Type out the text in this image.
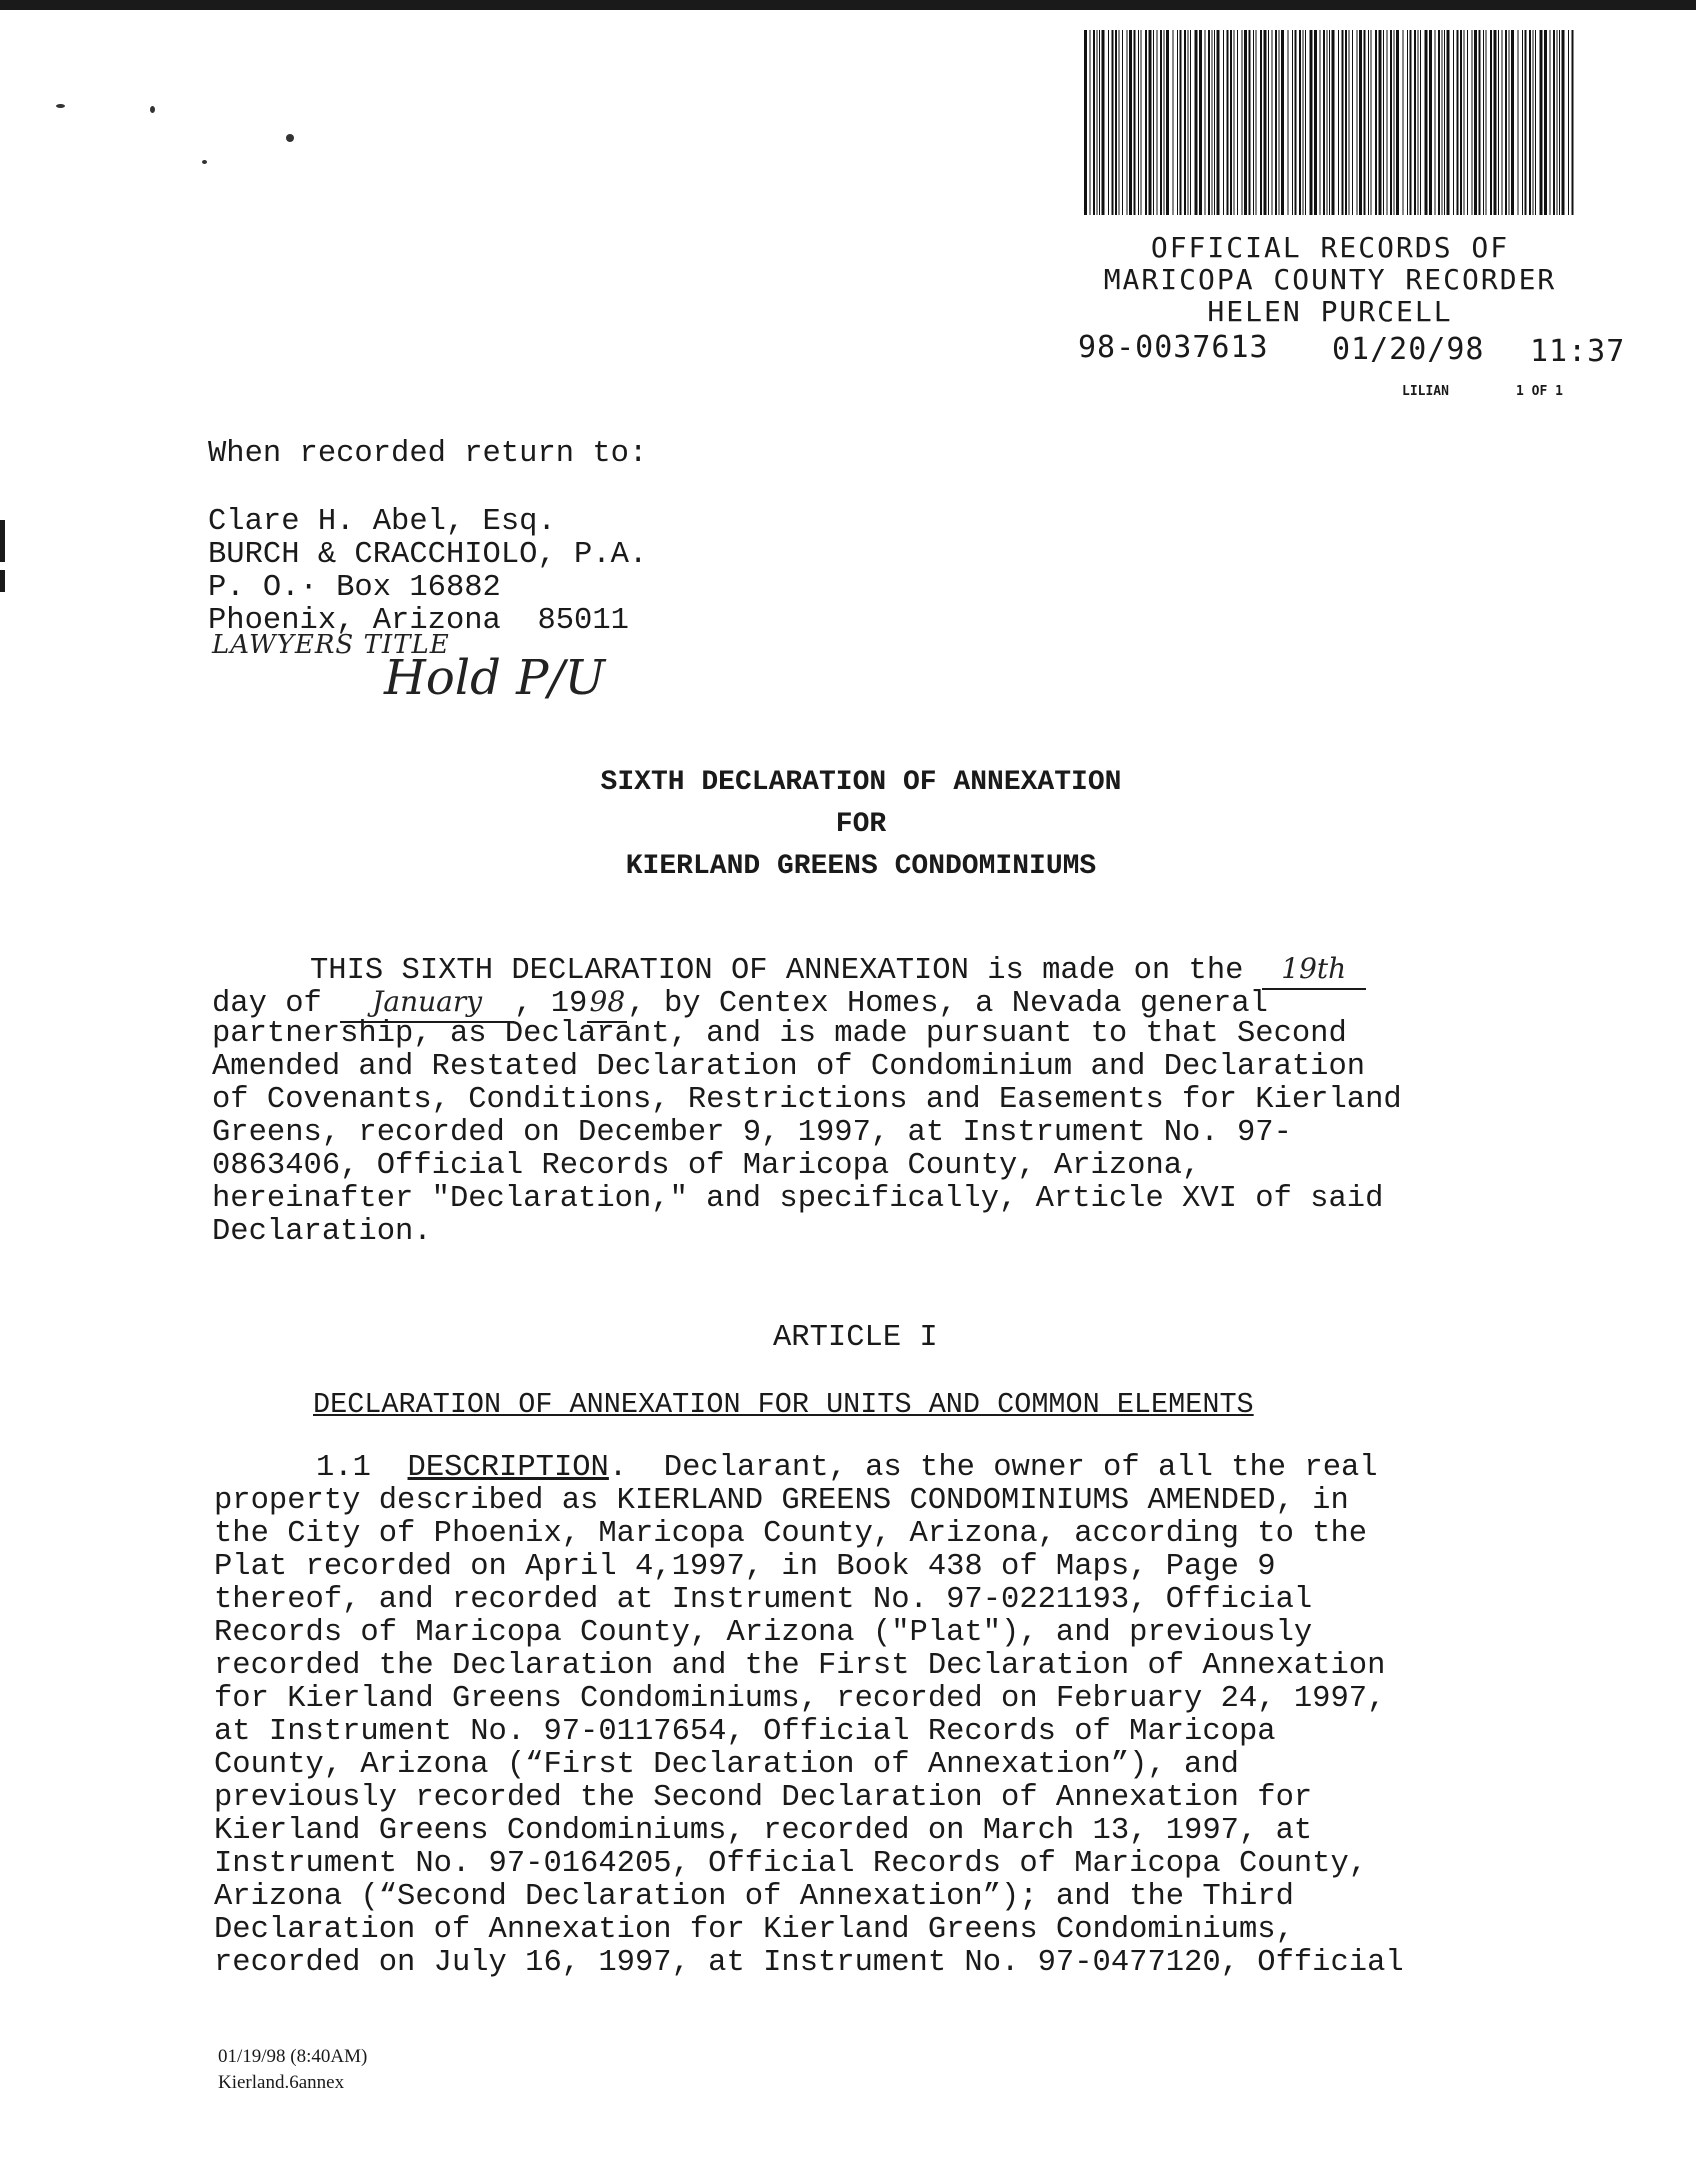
OFFICIAL RECORDS OF
MARICOPA COUNTY RECORDER
HELEN PURCELL
98-0037613 01/20/98 11:37
LILIAN	1 OF 1
When recorded return to:
Clare H. Abel, Esq.
BURCH & CRACCHIOLO, P.A.
P. O.· Box 16882
Phoenix, Arizona  85011
LAWYERS TITLE
Hold P/U
SIXTH DECLARATION OF ANNEXATION
FOR
KIERLAND GREENS CONDOMINIUMS
THIS SIXTH DECLARATION OF ANNEXATION is made on the 19th
day of January , 1998, by Centex Homes, a Nevada general
partnership, as Declarant, and is made pursuant to that Second
Amended and Restated Declaration of Condominium and Declaration
of Covenants, Conditions, Restrictions and Easements for Kierland
Greens, recorded on December 9, 1997, at Instrument No. 97-
0863406, Official Records of Maricopa County, Arizona,
hereinafter "Declaration," and specifically, Article XVI of said
Declaration.
ARTICLE I
DECLARATION OF ANNEXATION FOR UNITS AND COMMON ELEMENTS
1.1 DESCRIPTION.  Declarant, as the owner of all the real
property described as KIERLAND GREENS CONDOMINIUMS AMENDED, in
the City of Phoenix, Maricopa County, Arizona, according to the
Plat recorded on April 4,1997, in Book 438 of Maps, Page 9
thereof, and recorded at Instrument No. 97-0221193, Official
Records of Maricopa County, Arizona ("Plat"), and previously
recorded the Declaration and the First Declaration of Annexation
for Kierland Greens Condominiums, recorded on February 24, 1997,
at Instrument No. 97-0117654, Official Records of Maricopa
County, Arizona (“First Declaration of Annexation”), and
previously recorded the Second Declaration of Annexation for
Kierland Greens Condominiums, recorded on March 13, 1997, at
Instrument No. 97-0164205, Official Records of Maricopa County,
Arizona (“Second Declaration of Annexation”); and the Third
Declaration of Annexation for Kierland Greens Condominiums,
recorded on July 16, 1997, at Instrument No. 97-0477120, Official
01/19/98 (8:40AM)
Kierland.6annex
